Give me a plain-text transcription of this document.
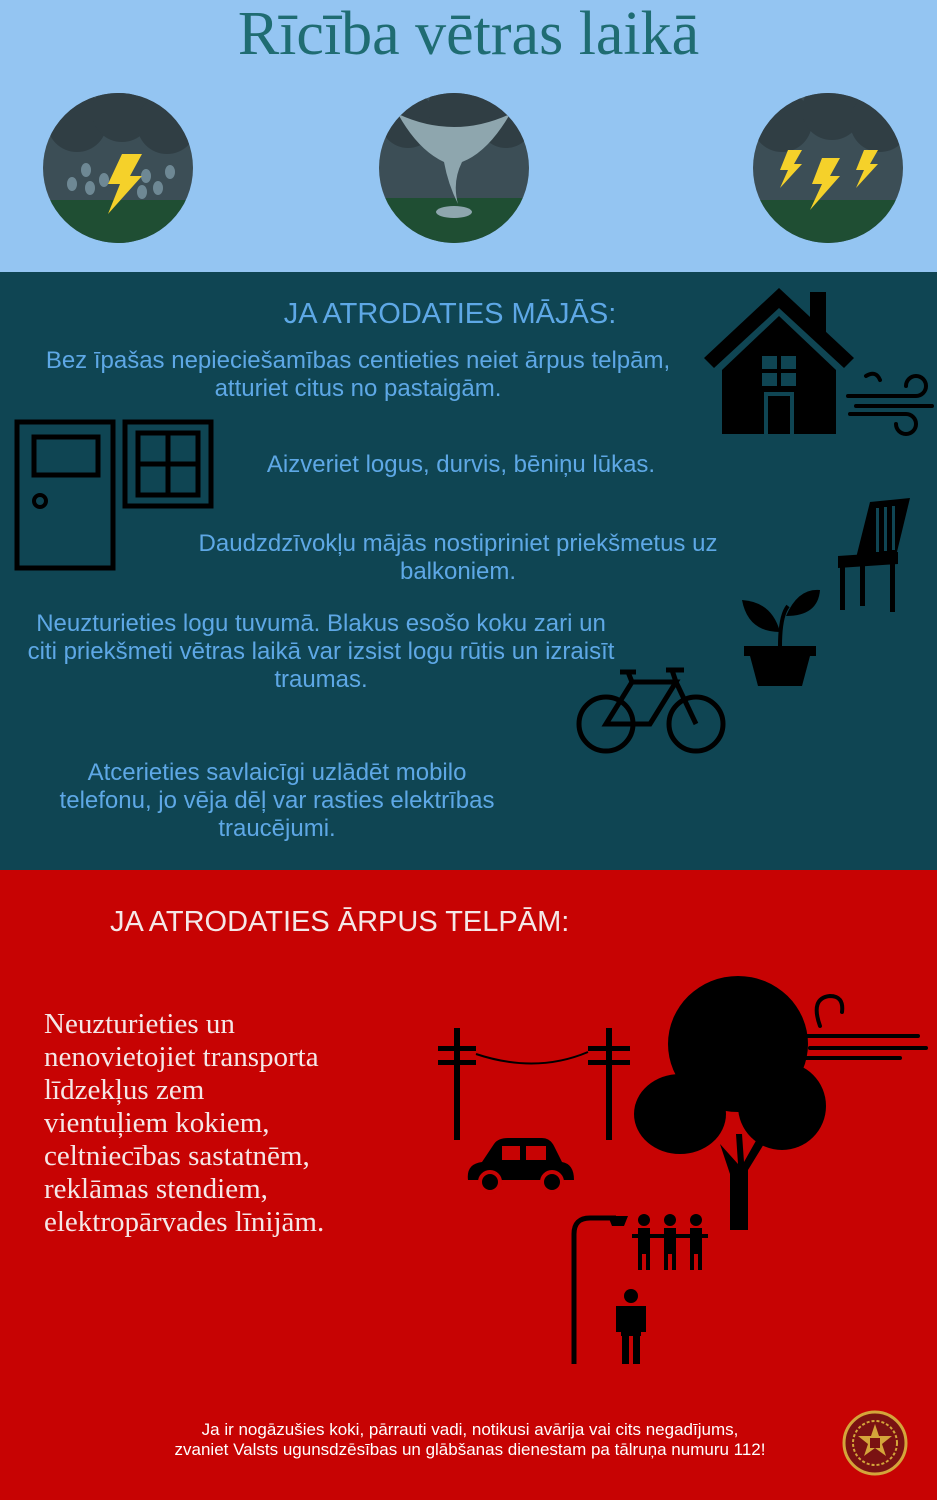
Rīcība vētras laikā
JA ATRODATIES MĀJĀS:
Bez īpašas nepieciešamības centieties neiet ārpus telpām, atturiet citus no pastaigām.
Aizveriet logus, durvis, bēniņu lūkas.
Daudzdzīvokļu mājās nostipriniet priekšmetus uz balkoniem.
Neuzturieties logu tuvumā. Blakus esošo koku zari un citi priekšmeti vētras laikā var izsist logu rūtis un izraisīt traumas.
Atcerieties savlaicīgi uzlādēt mobilo telefonu, jo vēja dēļ var rasties elektrības traucējumi.
JA ATRODATIES ĀRPUS TELPĀM:
Neuzturieties un nenovietojiet transporta līdzekļus zem vientuļiem kokiem, celtniecības sastatnēm, reklāmas stendiem, elektropārvades līnijām.
Ja ir nogāzušies koki, pārrauti vadi, notikusi avārija vai cits negadījums,
zvaniet Valsts ugunsdzēsības un glābšanas dienestam pa tālruņa numuru 112!
